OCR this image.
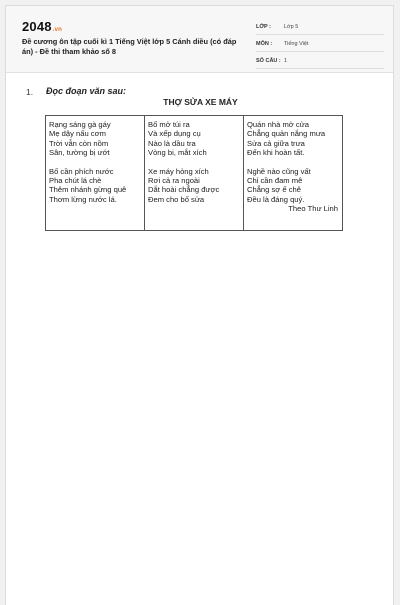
2048.vn
Đề cương ôn tập cuối kì 1 Tiếng Việt lớp 5 Cánh diều (có đáp án) - Đề thi tham khảo số 8
LỚP :	Lớp 5
MÔN :	Tiếng Việt
SỐ CÂU : 1
1. Đọc đoạn văn sau:
THỢ SỬA XE MÁY
Rạng sáng gà gáy
Mẹ dậy nấu cơm
Trời vẫn còn nồm
Sân, tường bị ướt
Bố cần phích nước
Pha chút lá chè
Thêm nhánh gừng quê
Thơm lừng nước lá.
Bố mở túi ra
Và xếp dụng cụ
Nào là dầu tra
Vòng bi, mắt xích
Xe máy hỏng xích
Rơi cả ra ngoài
Dắt hoài chẳng được
Đem cho bố sửa
Quán nhà mở cửa
Chẳng quản nắng mưa
Sửa cả giữa trưa
Đến khi hoàn tất.
Nghề nào cũng vất
Chỉ cần đam mê
Chẳng sợ ế chê
Đều là đáng quý.
Theo Thư Linh
